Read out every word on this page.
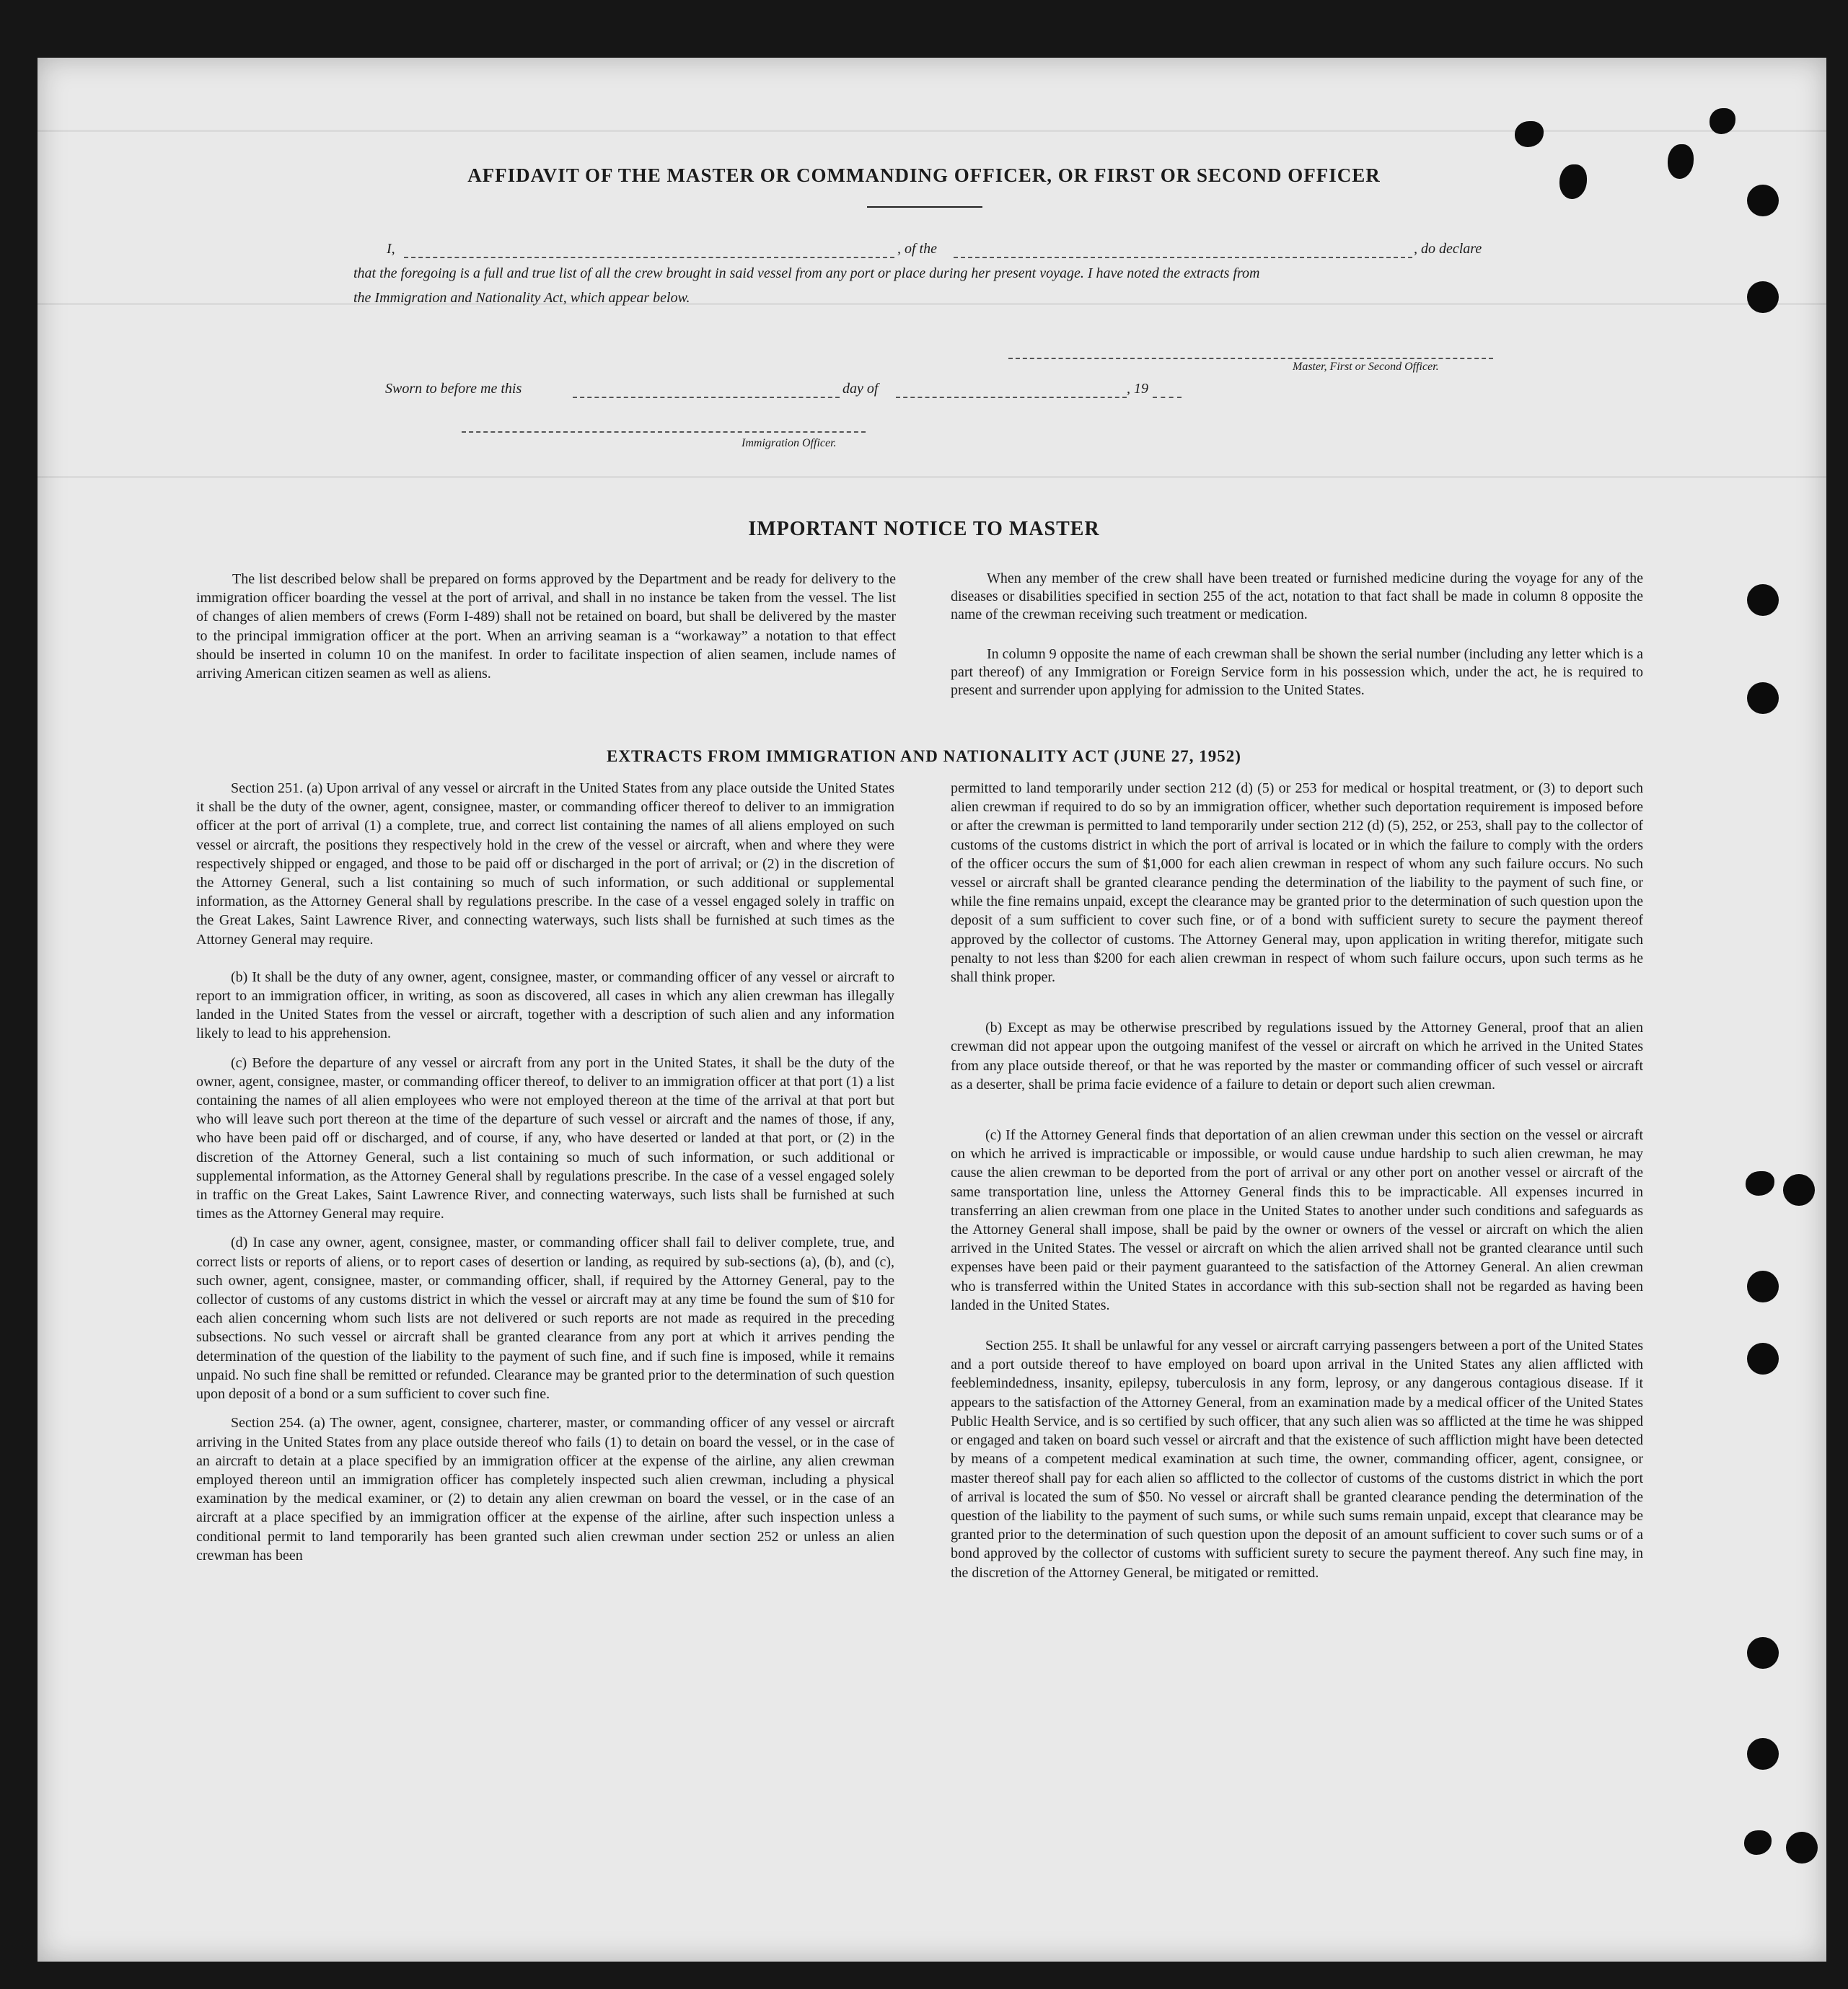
AFFIDAVIT OF THE MASTER OR COMMANDING OFFICER, OR FIRST OR SECOND OFFICER
I,	, of the	, do declare
that the foregoing is a full and true list of all the crew brought in said vessel from any port or place during her present voyage. I have noted the extracts from
the Immigration and Nationality Act, which appear below.
Master, First or Second Officer.
Sworn to before me this	day of	, 19
Immigration Officer.
IMPORTANT NOTICE TO MASTER

The list described below shall be prepared on forms approved by the Department and be ready for delivery to the immigration officer boarding the vessel at the port of arrival, and shall in no instance be taken from the vessel. The list of changes of alien members of crews (Form I-489) shall not be retained on board, but shall be delivered by the master to the principal immigration officer at the port. When an arriving seaman is a “workaway” a notation to that effect should be inserted in column 10 on the manifest. In order to facilitate inspection of alien seamen, include names of arriving American citizen seamen as well as aliens.

When any member of the crew shall have been treated or furnished medicine during the voyage for any of the diseases or disabilities specified in section 255 of the act, notation to that fact shall be made in column 8 opposite the name of the crewman receiving such treatment or medication.

In column 9 opposite the name of each crewman shall be shown the serial number (including any letter which is a part thereof) of any Immigration or Foreign Service form in his possession which, under the act, he is required to present and surrender upon applying for admission to the United States.

EXTRACTS FROM IMMIGRATION AND NATIONALITY ACT (JUNE 27, 1952)

Section 251. (a) Upon arrival of any vessel or aircraft in the United States from any place outside the United States it shall be the duty of the owner, agent, consignee, master, or commanding officer thereof to deliver to an immigration officer at the port of arrival (1) a complete, true, and correct list containing the names of all aliens employed on such vessel or aircraft, the positions they respectively hold in the crew of the vessel or aircraft, when and where they were respectively shipped or engaged, and those to be paid off or discharged in the port of arrival; or (2) in the discretion of the Attorney General, such a list containing so much of such information, or such additional or supplemental information, as the Attorney General shall by regulations prescribe. In the case of a vessel engaged solely in traffic on the Great Lakes, Saint Lawrence River, and connecting waterways, such lists shall be furnished at such times as the Attorney General may require.

(b) It shall be the duty of any owner, agent, consignee, master, or commanding officer of any vessel or aircraft to report to an immigration officer, in writing, as soon as discovered, all cases in which any alien crewman has illegally landed in the United States from the vessel or aircraft, together with a description of such alien and any information likely to lead to his apprehension.

(c) Before the departure of any vessel or aircraft from any port in the United States, it shall be the duty of the owner, agent, consignee, master, or commanding officer thereof, to deliver to an immigration officer at that port (1) a list containing the names of all alien employees who were not employed thereon at the time of the arrival at that port but who will leave such port thereon at the time of the departure of such vessel or aircraft and the names of those, if any, who have been paid off or discharged, and of course, if any, who have deserted or landed at that port, or (2) in the discretion of the Attorney General, such a list containing so much of such information, or such additional or supplemental information, as the Attorney General shall by regulations prescribe. In the case of a vessel engaged solely in traffic on the Great Lakes, Saint Lawrence River, and connecting waterways, such lists shall be furnished at such times as the Attorney General may require.

(d) In case any owner, agent, consignee, master, or commanding officer shall fail to deliver complete, true, and correct lists or reports of aliens, or to report cases of desertion or landing, as required by sub-sections (a), (b), and (c), such owner, agent, consignee, master, or commanding officer, shall, if required by the Attorney General, pay to the collector of customs of any customs district in which the vessel or aircraft may at any time be found the sum of $10 for each alien concerning whom such lists are not delivered or such reports are not made as required in the preceding subsections. No such vessel or aircraft shall be granted clearance from any port at which it arrives pending the determination of the question of the liability to the payment of such fine, and if such fine is imposed, while it remains unpaid. No such fine shall be remitted or refunded. Clearance may be granted prior to the determination of such question upon deposit of a bond or a sum sufficient to cover such fine.

Section 254. (a) The owner, agent, consignee, charterer, master, or commanding officer of any vessel or aircraft arriving in the United States from any place outside thereof who fails (1) to detain on board the vessel, or in the case of an aircraft to detain at a place specified by an immigration officer at the expense of the airline, any alien crewman employed thereon until an immigration officer has completely inspected such alien crewman, including a physical examination by the medical examiner, or (2) to detain any alien crewman on board the vessel, or in the case of an aircraft at a place specified by an immigration officer at the expense of the airline, after such inspection unless a conditional permit to land temporarily has been granted such alien crewman under section 252 or unless an alien crewman has been

permitted to land temporarily under section 212 (d) (5) or 253 for medical or hospital treatment, or (3) to deport such alien crewman if required to do so by an immigration officer, whether such deportation requirement is imposed before or after the crewman is permitted to land temporarily under section 212 (d) (5), 252, or 253, shall pay to the collector of customs of the customs district in which the port of arrival is located or in which the failure to comply with the orders of the officer occurs the sum of $1,000 for each alien crewman in respect of whom any such failure occurs. No such vessel or aircraft shall be granted clearance pending the determination of the liability to the payment of such fine, or while the fine remains unpaid, except the clearance may be granted prior to the determination of such question upon the deposit of a sum sufficient to cover such fine, or of a bond with sufficient surety to secure the payment thereof approved by the collector of customs. The Attorney General may, upon application in writing therefor, mitigate such penalty to not less than $200 for each alien crewman in respect of whom such failure occurs, upon such terms as he shall think proper.

(b) Except as may be otherwise prescribed by regulations issued by the Attorney General, proof that an alien crewman did not appear upon the outgoing manifest of the vessel or aircraft on which he arrived in the United States from any place outside thereof, or that he was reported by the master or commanding officer of such vessel or aircraft as a deserter, shall be prima facie evidence of a failure to detain or deport such alien crewman.

(c) If the Attorney General finds that deportation of an alien crewman under this section on the vessel or aircraft on which he arrived is impracticable or impossible, or would cause undue hardship to such alien crewman, he may cause the alien crewman to be deported from the port of arrival or any other port on another vessel or aircraft of the same transportation line, unless the Attorney General finds this to be impracticable. All expenses incurred in transferring an alien crewman from one place in the United States to another under such conditions and safeguards as the Attorney General shall impose, shall be paid by the owner or owners of the vessel or aircraft on which the alien arrived in the United States. The vessel or aircraft on which the alien arrived shall not be granted clearance until such expenses have been paid or their payment guaranteed to the satisfaction of the Attorney General. An alien crewman who is transferred within the United States in accordance with this sub-section shall not be regarded as having been landed in the United States.

Section 255. It shall be unlawful for any vessel or aircraft carrying passengers between a port of the United States and a port outside thereof to have employed on board upon arrival in the United States any alien afflicted with feeblemindedness, insanity, epilepsy, tuberculosis in any form, leprosy, or any dangerous contagious disease. If it appears to the satisfaction of the Attorney General, from an examination made by a medical officer of the United States Public Health Service, and is so certified by such officer, that any such alien was so afflicted at the time he was shipped or engaged and taken on board such vessel or aircraft and that the existence of such affliction might have been detected by means of a competent medical examination at such time, the owner, commanding officer, agent, consignee, or master thereof shall pay for each alien so afflicted to the collector of customs of the customs district in which the port of arrival is located the sum of $50. No vessel or aircraft shall be granted clearance pending the determination of the question of the liability to the payment of such sums, or while such sums remain unpaid, except that clearance may be granted prior to the determination of such question upon the deposit of an amount sufficient to cover such sums or of a bond approved by the collector of customs with sufficient surety to secure the payment thereof. Any such fine may, in the discretion of the Attorney General, be mitigated or remitted.
